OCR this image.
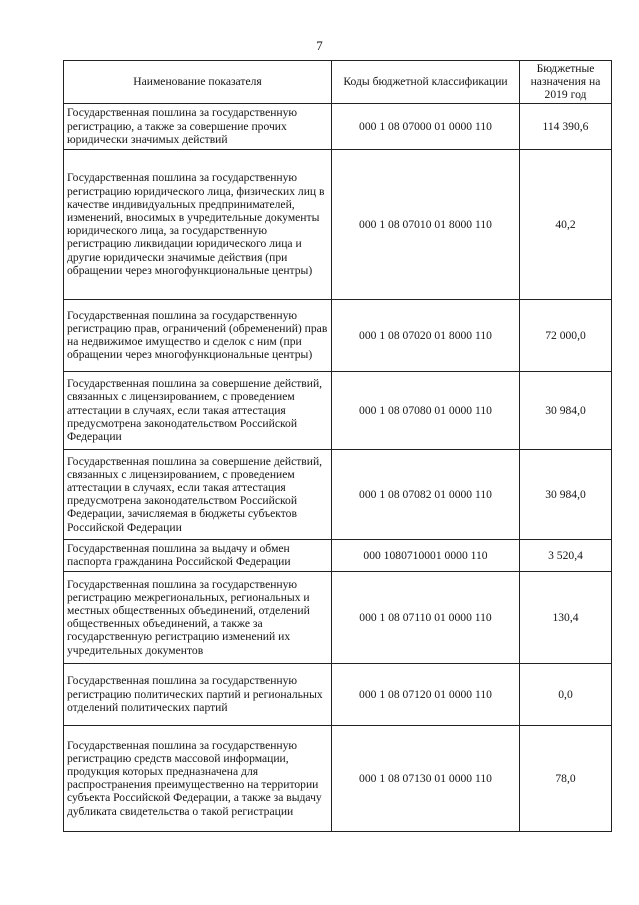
7
Наименование показателя	Коды бюджетной классификации	Бюджетные назначения на 2019 год
Государственная пошлина за государственную регистрацию, а также за совершение прочих юридически значимых действий	000 1 08 07000 01 0000 110	114 390,6
Государственная пошлина за государственную регистрацию юридического лица, физических лиц в качестве индивидуальных предпринимателей, изменений, вносимых в учредительные документы юридического лица, за государственную регистрацию ликвидации юридического лица и другие юридически значимые действия (при обращении через многофункциональные центры)	000 1 08 07010 01 8000 110	40,2
Государственная пошлина за государственную регистрацию прав, ограничений (обременений) прав на недвижимое имущество и сделок с ним (при обращении через многофункциональные центры)	000 1 08 07020 01 8000 110	72 000,0
Государственная пошлина за совершение действий, связанных с лицензированием, с проведением аттестации в случаях, если такая аттестация предусмотрена законодательством Российской Федерации	000 1 08 07080 01 0000 110	30 984,0
Государственная пошлина за совершение действий, связанных с лицензированием, с проведением аттестации в случаях, если такая аттестация предусмотрена законодательством Российской Федерации, зачисляемая в бюджеты субъектов Российской Федерации	000 1 08 07082 01 0000 110	30 984,0
Государственная пошлина за выдачу и обмен паспорта гражданина Российской Федерации	000 1080710001 0000 110	3 520,4
Государственная пошлина за государственную регистрацию межрегиональных, региональных и местных общественных объединений, отделений общественных объединений, а также за государственную регистрацию изменений их учредительных документов	000 1 08 07110 01 0000 110	130,4
Государственная пошлина за государственную регистрацию политических партий и региональных отделений политических партий	000 1 08 07120 01 0000 110	0,0
Государственная пошлина за государственную регистрацию средств массовой информации, продукция которых предназначена для распространения преимущественно на территории субъекта Российской Федерации, а также за выдачу дубликата свидетельства о такой регистрации	000 1 08 07130 01 0000 110	78,0
